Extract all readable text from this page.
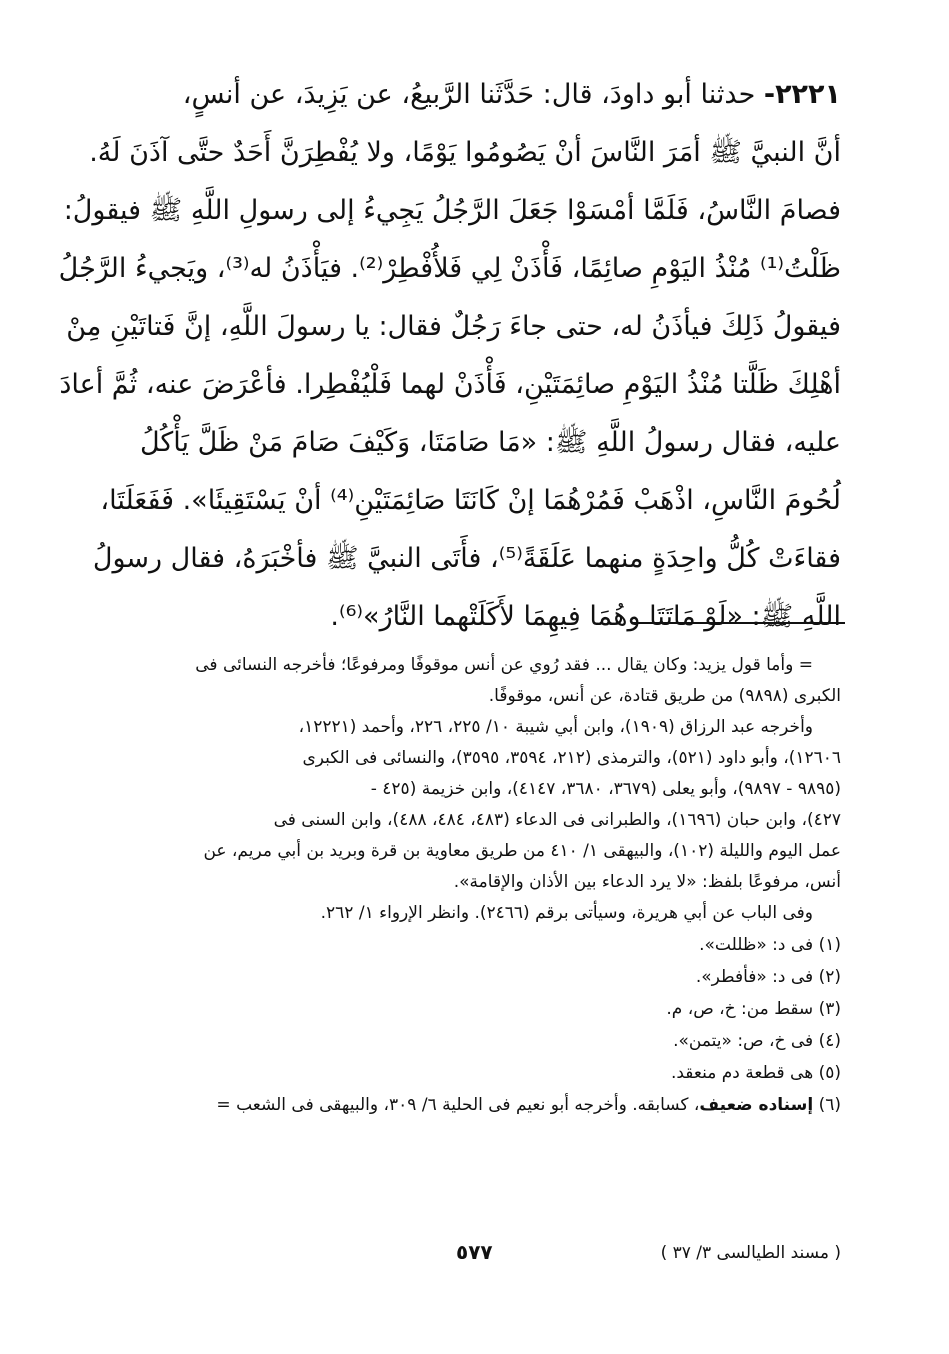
٢٢٢١- حدثنا أبو داودَ، قال: حَدَّثَنا الرَّبيعُ، عن يَزِيدَ، عن أنسٍ،
أنَّ النبيَّ ﷺ أمَرَ النَّاسَ أنْ يَصُومُوا يَوْمًا، ولا يُفْطِرَنَّ أَحَدٌ حتَّى آذَنَ لَهُ.
فصامَ النَّاسُ، فَلَمَّا أمْسَوْا جَعَلَ الرَّجُلُ يَجِيءُ إلى رسولِ اللَّهِ ﷺ فيقولُ:
ظَلْتُ⁽¹⁾ مُنْذُ اليَوْمِ صائِمًا، فَأْذَنْ لِي فَلأُفْطِرْ⁽²⁾. فيَأْذَنُ له⁽³⁾، ويَجيءُ الرَّجُلُ
فيقولُ ذَلِكَ فيأذَنُ له، حتى جاءَ رَجُلٌ فقال: يا رسولَ اللَّهِ، إنَّ فَتاتَيْنِ مِنْ
أهْلِكَ ظَلَّتا مُنْذُ اليَوْمِ صائِمَتَيْنِ، فَأْذَنْ لهما فَلْيُفْطِرا. فأعْرَضَ عنه، ثُمَّ أعادَ
عليه، فقال رسولُ اللَّهِ ﷺ: «مَا صَامَتَا، وَكَيْفَ صَامَ مَنْ ظَلَّ يَأْكُلُ
لُحُومَ النَّاسِ، اذْهَبْ فَمُرْهُمَا إنْ كَانَتَا صَائِمَتَيْنِ⁽⁴⁾ أنْ يَسْتَقِيئَا». فَفَعَلَتَا،
فقاءَتْ كُلُّ واحِدَةٍ منهما عَلَقَةً⁽⁵⁾، فأَتَى النبيَّ ﷺ فأخْبَرَهُ، فقال رسولُ
اللَّهِ ﷺ: «لَوْ مَاتَتَا وهُمَا فِيهِمَا لأَكَلَتْهما النَّارُ»⁽⁶⁾.
= وأما قول يزيد: وكان يقال ... فقد رُوي عن أنس موقوفًا ومرفوعًا؛ فأخرجه النسائى فى
الكبرى (٩٨٩٨) من طريق قتادة، عن أنس، موقوفًا.
وأخرجه عبد الرزاق (١٩٠٩)، وابن أبي شيبة ١٠/ ٢٢٥، ٢٢٦، وأحمد (١٢٢٢١،
١٢٦٠٦)، وأبو داود (٥٢١)، والترمذى (٢١٢، ٣٥٩٤، ٣٥٩٥)، والنسائى فى الكبرى
(٩٨٩٥ - ٩٨٩٧)، وأبو يعلى (٣٦٧٩، ٣٦٨٠، ٤١٤٧)، وابن خزيمة (٤٢٥ -
٤٢٧)، وابن حبان (١٦٩٦)، والطبرانى فى الدعاء (٤٨٣، ٤٨٤، ٤٨٨)، وابن السنى فى
عمل اليوم والليلة (١٠٢)، والبيهقى ١/ ٤١٠ من طريق معاوية بن قرة وبريد بن أبي مريم، عن
أنس، مرفوعًا بلفظ: «لا يرد الدعاء بين الأذان والإقامة».
وفى الباب عن أبي هريرة، وسيأتى برقم (٢٤٦٦). وانظر الإرواء ١/ ٢٦٢.
(١) فى د: «ظللت».
(٢) فى د: «فأفطر».
(٣) سقط من: خ، ص، م.
(٤) فى خ، ص: «يتمن».
(٥) هى قطعة دم منعقد.
(٦) إسناده ضعيف، كسابقه. وأخرجه أبو نعيم فى الحلية ٦/ ٣٠٩، والبيهقى فى الشعب =
٥٧٧	( مسند الطيالسى ٣/ ٣٧ )
